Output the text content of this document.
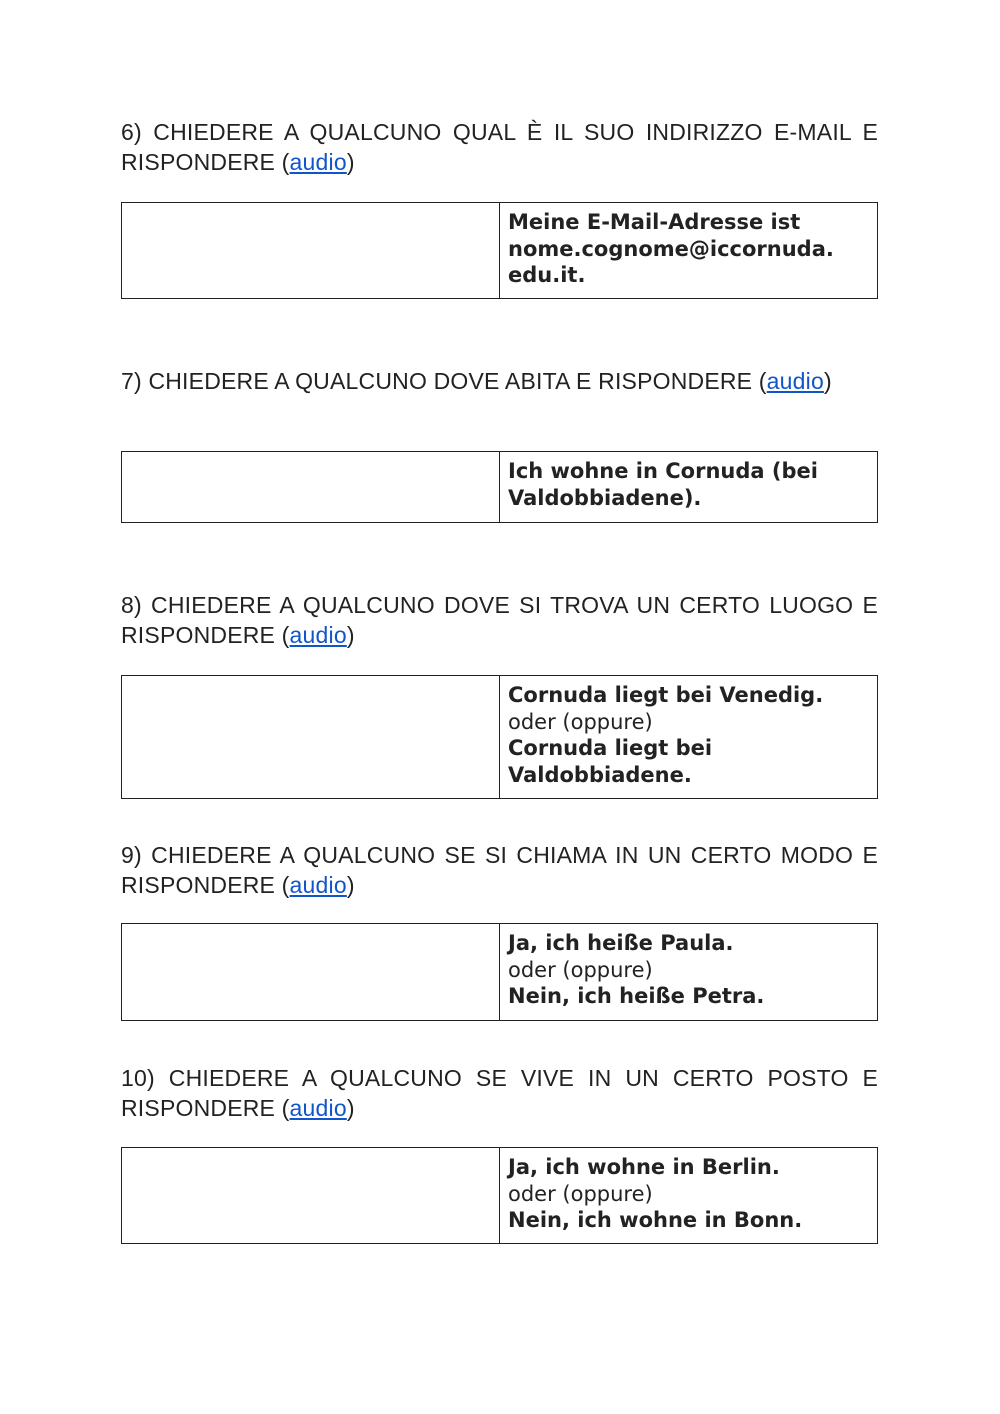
6) CHIEDERE A QUALCUNO QUAL È IL SUO INDIRIZZO E-MAIL E RISPONDERE (audio)

Meine E-Mail-Adresse ist
nome.cognome@iccornuda.
edu.it.

7) CHIEDERE A QUALCUNO DOVE ABITA E RISPONDERE (audio)

Ich wohne in Cornuda (bei
Valdobbiadene).

8) CHIEDERE A QUALCUNO DOVE SI TROVA UN CERTO LUOGO E RISPONDERE (audio)

Cornuda liegt bei Venedig.
oder (oppure)
Cornuda liegt bei
Valdobbiadene.

9) CHIEDERE A QUALCUNO SE SI CHIAMA IN UN CERTO MODO E RISPONDERE (audio)

Ja, ich heiße Paula.
oder (oppure)
Nein, ich heiße Petra.

10) CHIEDERE A QUALCUNO SE VIVE IN UN CERTO POSTO E RISPONDERE (audio)

Ja, ich wohne in Berlin.
oder (oppure)
Nein, ich wohne in Bonn.
